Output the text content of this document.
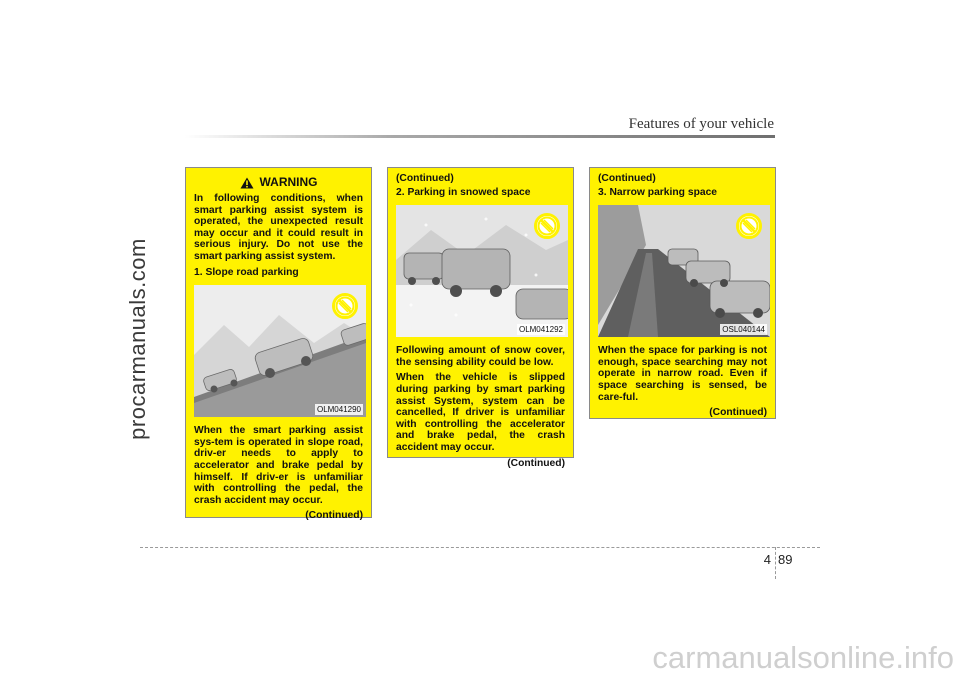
procarmanuals.com
Features of your vehicle
WARNING

In following conditions, when smart parking assist system is operated, the unexpected result may occur and it could result in serious injury. Do not use the smart parking assist system.

1. Slope road parking

OLM041290

When the smart parking assist sys-tem is operated in slope road, driv-er needs to apply to accelerator and brake pedal by himself. If driv-er is unfamiliar with controlling the pedal, the crash accident may occur.

(Continued)

(Continued)

2. Parking in snowed space

OLM041292

Following amount of snow cover, the sensing ability could be low.

When the vehicle is slipped during parking by smart parking assist System, system can be cancelled, If driver is unfamiliar with controlling the accelerator and brake pedal, the crash accident may occur.

(Continued)

(Continued)

3. Narrow parking space

OSL040144

When the space for parking is not enough, space searching may not operate in narrow road. Even if space searching is sensed, be care-ful.

(Continued)

4 89
carmanualsonline.info
